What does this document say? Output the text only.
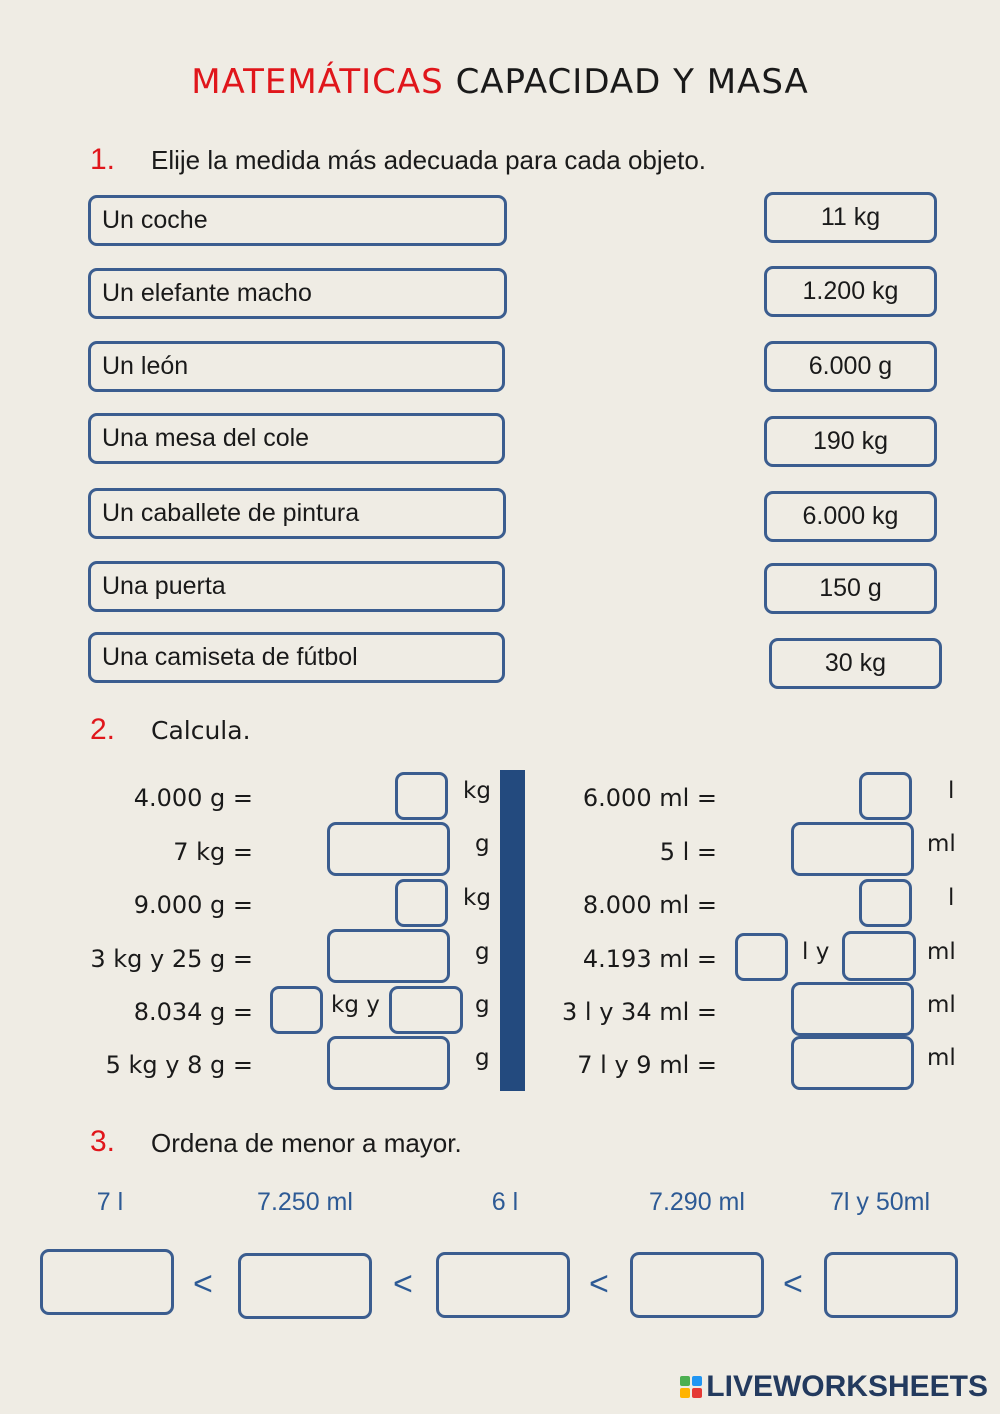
MATEMÁTICAS CAPACIDAD Y MASA
1. Elije la medida más adecuada para cada objeto.
Un coche
Un elefante macho
Un león
Una mesa del cole
Un caballete de pintura
Una puerta
Una camiseta de fútbol
11 kg
1.200 kg
6.000 g
190 kg
6.000 kg
150 g
30 kg
2. Calcula.
4.000 g =	kg
7 kg =	g
9.000 g =	kg
3 kg y 25 g =	g
8.034 g =	kg y	g
5 kg y 8 g =	g
6.000 ml =	l
5 l =	ml
8.000 ml =	l
4.193 ml =	l y	ml
3 l y 34 ml =	ml
7 l y 9 ml =	ml
3. Ordena de menor a mayor.
7 l	7.250 ml	6 l	7.290 ml	7l y 50ml
<	<	<	<
LIVEWORKSHEETS
